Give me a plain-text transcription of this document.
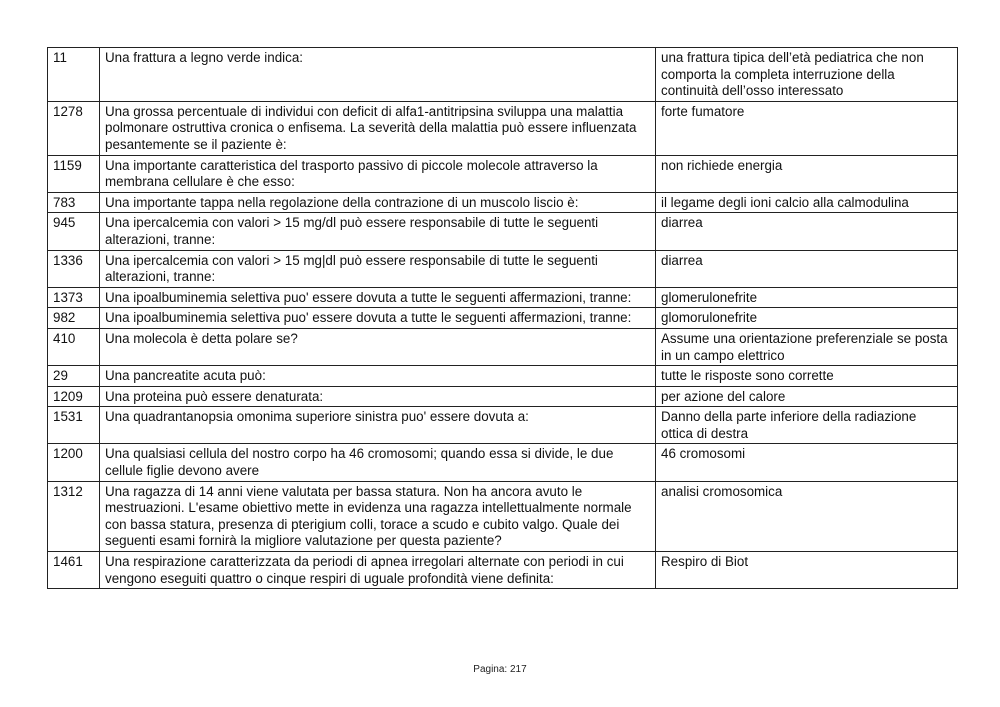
11	Una frattura a legno verde indica:	una frattura tipica dell’età pediatrica che non comporta la completa interruzione della continuità dell’osso interessato
1278	Una grossa percentuale di individui con deficit di alfa1-antitripsina sviluppa una malattia polmonare ostruttiva cronica o enfisema. La severità della malattia può essere influenzata pesantemente se il paziente è:	forte fumatore
1159	Una importante caratteristica del trasporto passivo di piccole molecole attraverso la membrana cellulare è che esso:	non richiede energia
783	Una importante tappa nella regolazione della contrazione di un muscolo liscio è:	il legame degli ioni calcio alla calmodulina
945	Una ipercalcemia con valori > 15 mg/dl può essere responsabile di tutte le seguenti alterazioni, tranne:	diarrea
1336	Una ipercalcemia con valori > 15 mg|dl può essere responsabile di tutte le seguenti alterazioni, tranne:	diarrea
1373	Una ipoalbuminemia selettiva puo' essere dovuta a tutte le seguenti affermazioni, tranne:	glomerulonefrite
982	Una ipoalbuminemia selettiva puo' essere dovuta a tutte le seguenti affermazioni, tranne:	glomorulonefrite
410	Una molecola è detta polare se?	Assume una orientazione preferenziale se posta in un campo elettrico
29	Una pancreatite acuta può:	tutte le risposte sono corrette
1209	Una proteina può essere denaturata:	per azione del calore
1531	Una quadrantanopsia omonima superiore sinistra puo' essere dovuta a:	Danno della parte inferiore della radiazione ottica di destra
1200	Una qualsiasi cellula del nostro corpo ha 46 cromosomi; quando essa si divide, le due cellule figlie devono avere	46 cromosomi
1312	Una ragazza di 14 anni viene valutata per bassa statura. Non ha ancora avuto le mestruazioni. L'esame obiettivo mette in evidenza una ragazza intellettualmente normale con bassa statura, presenza di pterigium colli, torace a scudo e cubito valgo. Quale dei seguenti esami fornirà la migliore valutazione per questa paziente?	analisi cromosomica
1461	Una respirazione caratterizzata da periodi di apnea irregolari alternate con periodi in cui vengono eseguiti quattro o cinque respiri di uguale profondità viene definita:	Respiro di Biot
Pagina: 217
